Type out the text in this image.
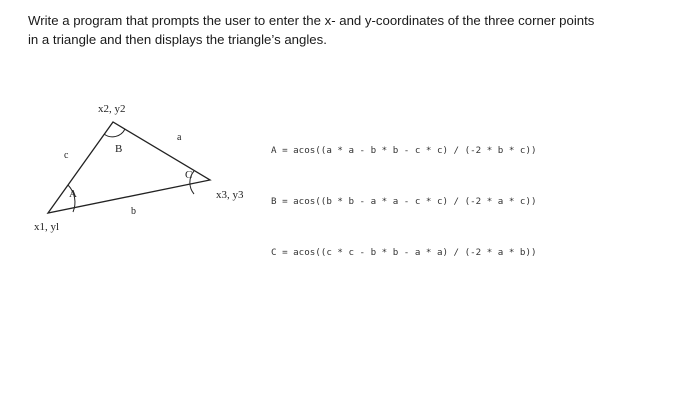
Write a program that prompts the user to enter the x- and y-coordinates of the three corner points
in a triangle and then displays the triangle’s angles.
x2, y2
x1, yl
x3, y3
A
B
C
a
b
c

	A = acos((a * a - b * b - c * c) / (-2 * b * c))

B = acos((b * b - a * a - c * c) / (-2 * a * c))

C = acos((c * c - b * b - a * a) / (-2 * a * b))
